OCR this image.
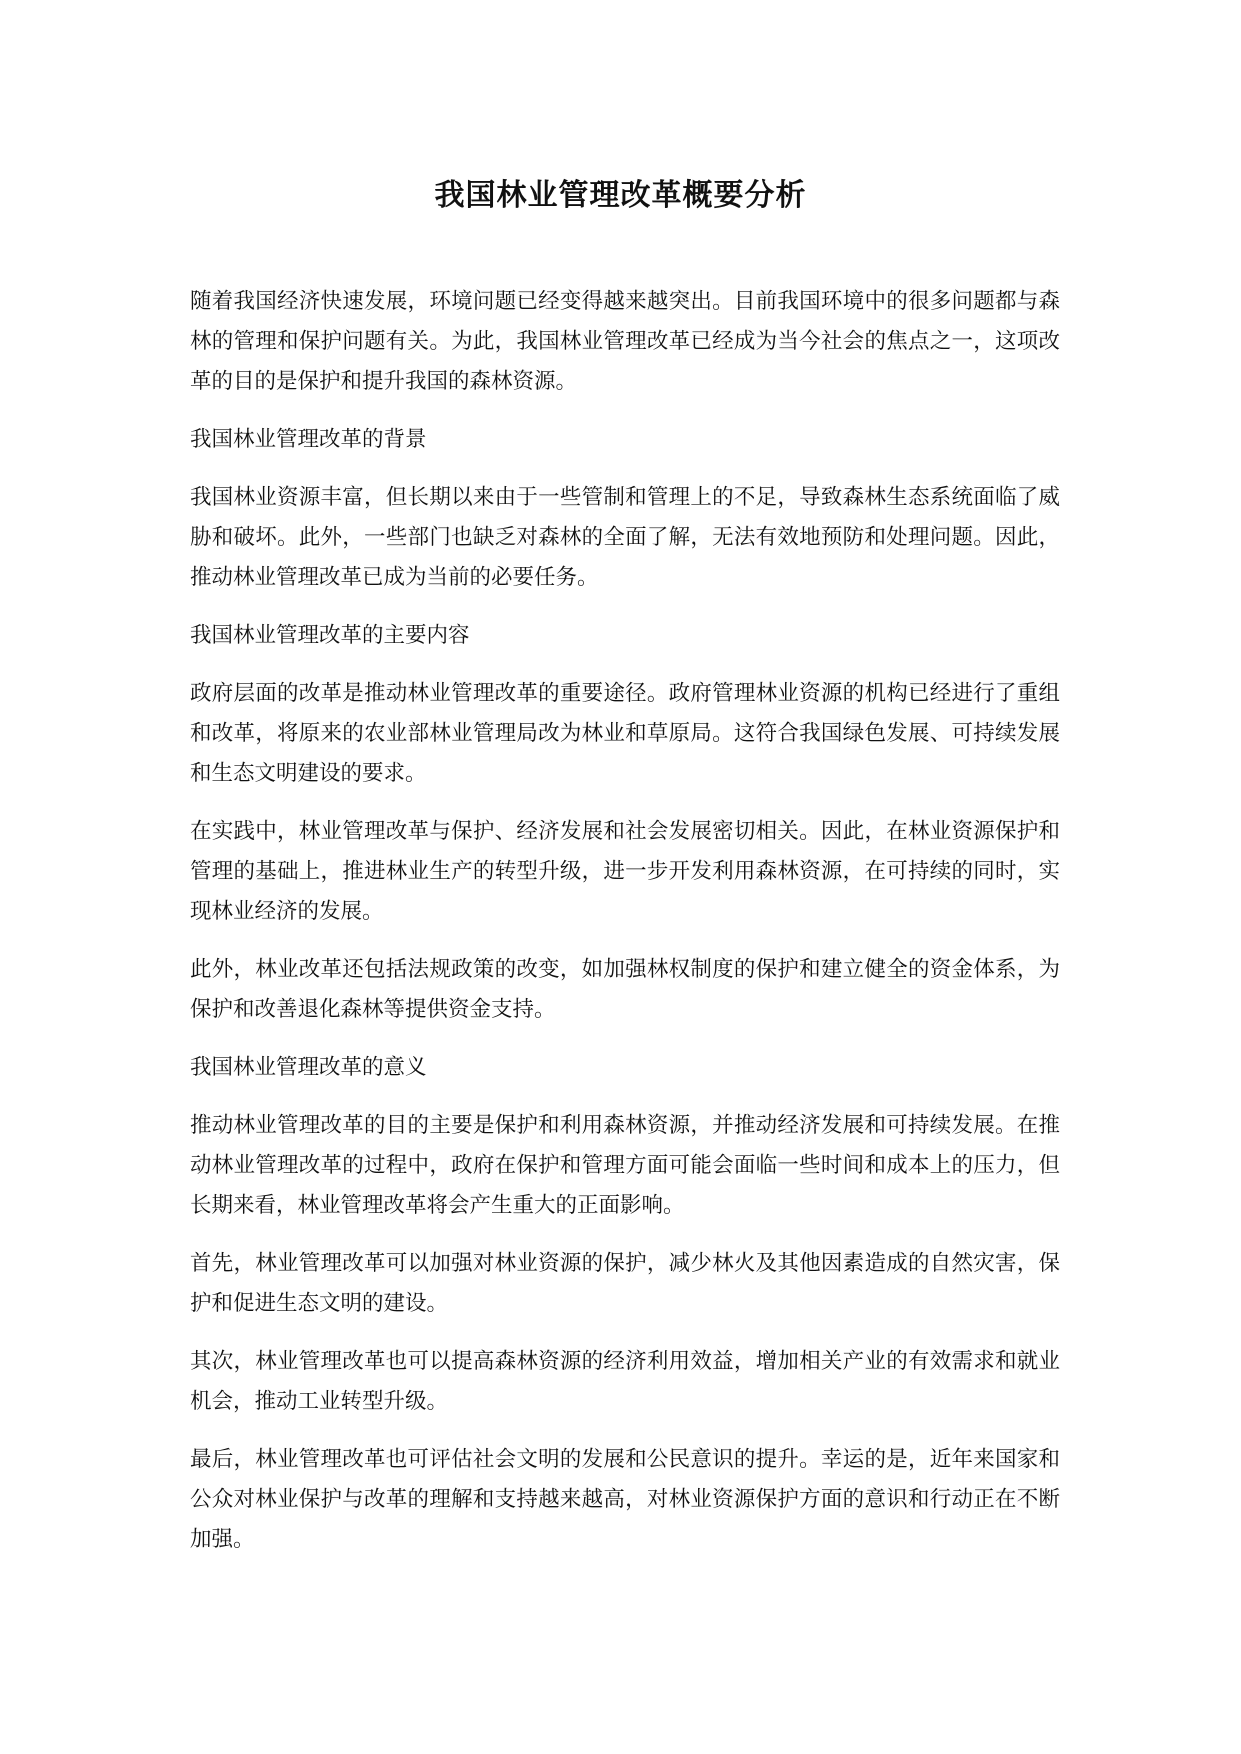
我国林业管理改革概要分析

随着我国经济快速发展，环境问题已经变得越来越突出。目前我国环境中的很多问题都与森林的管理和保护问题有关。为此，我国林业管理改革已经成为当今社会的焦点之一，这项改革的目的是保护和提升我国的森林资源。

我国林业管理改革的背景

我国林业资源丰富，但长期以来由于一些管制和管理上的不足，导致森林生态系统面临了威胁和破坏。此外，一些部门也缺乏对森林的全面了解，无法有效地预防和处理问题。因此，推动林业管理改革已成为当前的必要任务。

我国林业管理改革的主要内容

政府层面的改革是推动林业管理改革的重要途径。政府管理林业资源的机构已经进行了重组和改革，将原来的农业部林业管理局改为林业和草原局。这符合我国绿色发展、可持续发展和生态文明建设的要求。

在实践中，林业管理改革与保护、经济发展和社会发展密切相关。因此，在林业资源保护和管理的基础上，推进林业生产的转型升级，进一步开发利用森林资源，在可持续的同时，实现林业经济的发展。

此外，林业改革还包括法规政策的改变，如加强林权制度的保护和建立健全的资金体系，为保护和改善退化森林等提供资金支持。

我国林业管理改革的意义

推动林业管理改革的目的主要是保护和利用森林资源，并推动经济发展和可持续发展。在推动林业管理改革的过程中，政府在保护和管理方面可能会面临一些时间和成本上的压力，但长期来看，林业管理改革将会产生重大的正面影响。

首先，林业管理改革可以加强对林业资源的保护，减少林火及其他因素造成的自然灾害，保护和促进生态文明的建设。

其次，林业管理改革也可以提高森林资源的经济利用效益，增加相关产业的有效需求和就业机会，推动工业转型升级。

最后，林业管理改革也可评估社会文明的发展和公民意识的提升。幸运的是，近年来国家和公众对林业保护与改革的理解和支持越来越高，对林业资源保护方面的意识和行动正在不断加强。
